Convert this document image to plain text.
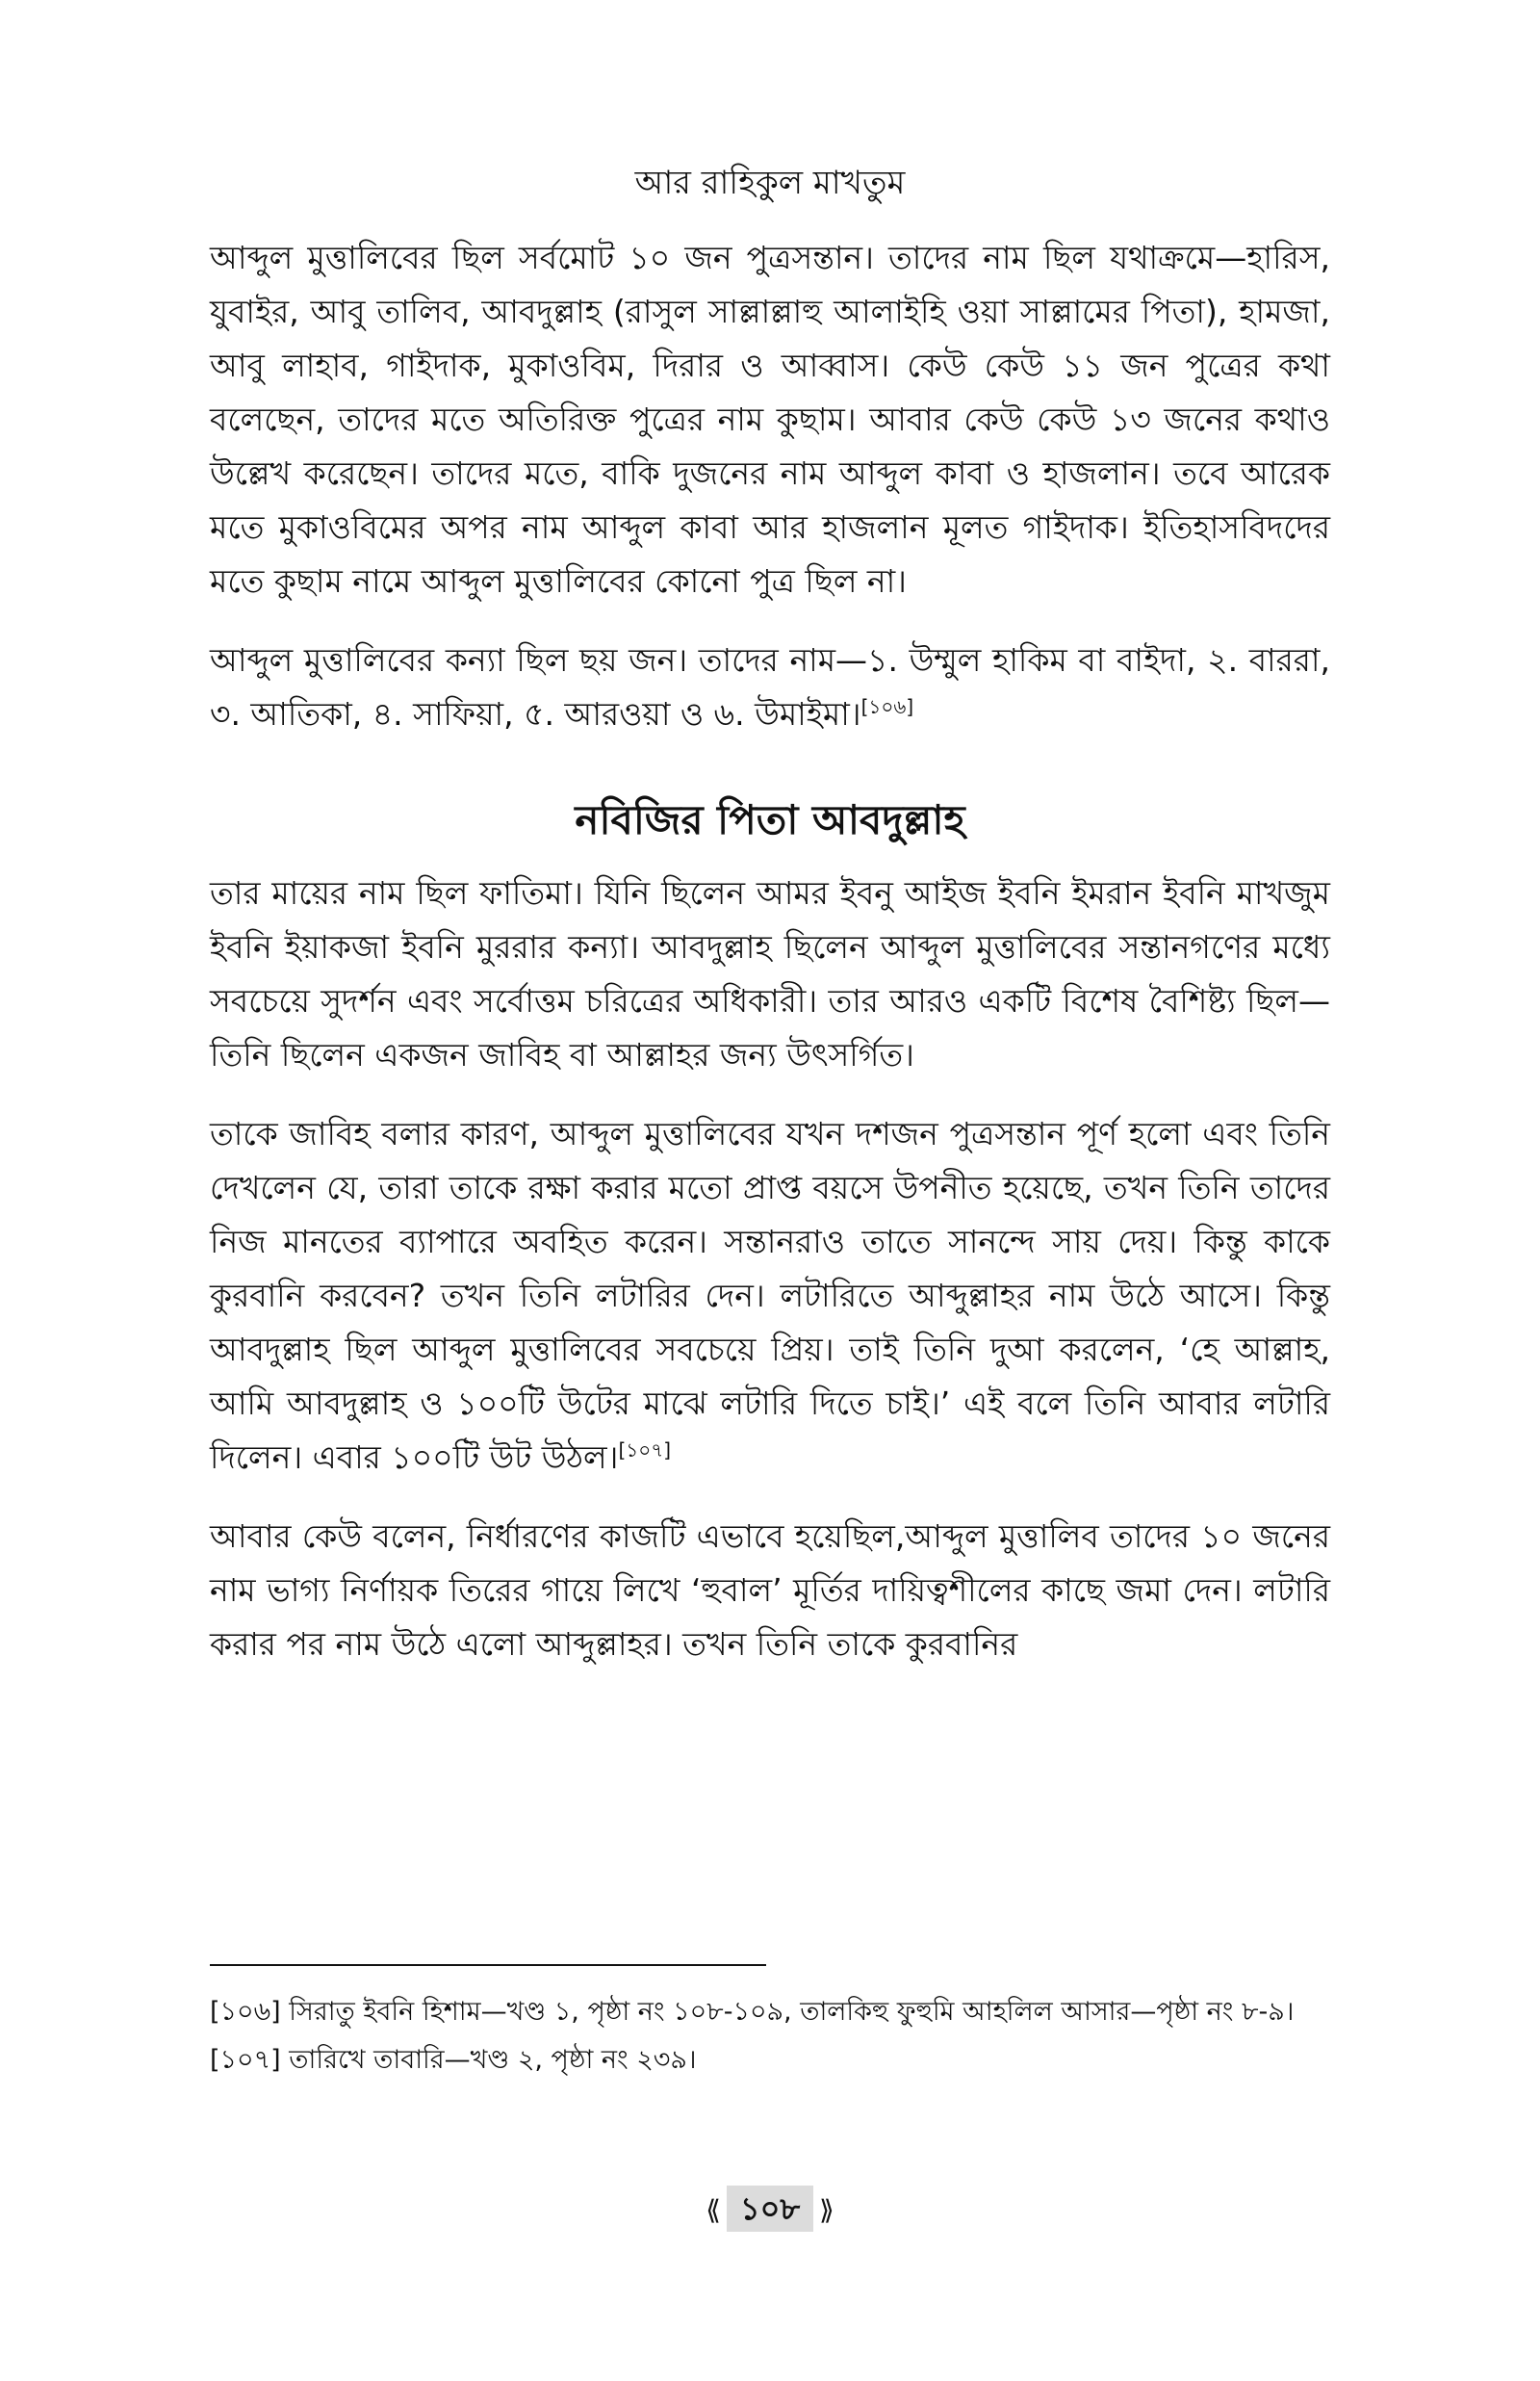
আর রাহিকুল মাখতুম

আব্দুল মুত্তালিবের ছিল সর্বমোট ১০ জন পুত্রসন্তান। তাদের নাম ছিল যথাক্রমে—হারিস, যুবাইর, আবু তালিব, আবদুল্লাহ (রাসুল সাল্লাল্লাহু আলাইহি ওয়া সাল্লামের পিতা), হামজা, আবু লাহাব, গাইদাক, মুকাওবিম, দিরার ও আব্বাস। কেউ কেউ ১১ জন পুত্রের কথা বলেছেন, তাদের মতে অতিরিক্ত পুত্রের নাম কুছাম। আবার কেউ কেউ ১৩ জনের কথাও উল্লেখ করেছেন। তাদের মতে, বাকি দুজনের নাম আব্দুল কাবা ও হাজলান। তবে আরেক মতে মুকাওবিমের অপর নাম আব্দুল কাবা আর হাজলান মূলত গাইদাক। ইতিহাসবিদদের মতে কুছাম নামে আব্দুল মুত্তালিবের কোনো পুত্র ছিল না।

আব্দুল মুত্তালিবের কন্যা ছিল ছয় জন। তাদের নাম—১. উম্মুল হাকিম বা বাইদা, ২. বাররা, ৩. আতিকা, ৪. সাফিয়া, ৫. আরওয়া ও ৬. উমাইমা।[১০৬]

নবিজির পিতা আবদুল্লাহ

তার মায়ের নাম ছিল ফাতিমা। যিনি ছিলেন আমর ইবনু আইজ ইবনি ইমরান ইবনি মাখজুম ইবনি ইয়াকজা ইবনি মুররার কন্যা। আবদুল্লাহ ছিলেন আব্দুল মুত্তালিবের সন্তানগণের মধ্যে সবচেয়ে সুদর্শন এবং সর্বোত্তম চরিত্রের অধিকারী। তার আরও একটি বিশেষ বৈশিষ্ট্য ছিল—তিনি ছিলেন একজন জাবিহ বা আল্লাহর জন্য উৎসর্গিত।

তাকে জাবিহ বলার কারণ, আব্দুল মুত্তালিবের যখন দশজন পুত্রসন্তান পূর্ণ হলো এবং তিনি দেখলেন যে, তারা তাকে রক্ষা করার মতো প্রাপ্ত বয়সে উপনীত হয়েছে, তখন তিনি তাদের নিজ মানতের ব্যাপারে অবহিত করেন। সন্তানরাও তাতে সানন্দে সায় দেয়। কিন্তু কাকে কুরবানি করবেন? তখন তিনি লটারির দেন। লটারিতে আব্দুল্লাহর নাম উঠে আসে। কিন্তু আবদুল্লাহ ছিল আব্দুল মুত্তালিবের সবচেয়ে প্রিয়। তাই তিনি দুআ করলেন, ‘হে আল্লাহ, আমি আবদুল্লাহ ও ১০০টি উটের মাঝে লটারি দিতে চাই।’ এই বলে তিনি আবার লটারি দিলেন। এবার ১০০টি উট উঠল।[১০৭]

আবার কেউ বলেন, নির্ধারণের কাজটি এভাবে হয়েছিল,আব্দুল মুত্তালিব তাদের ১০ জনের নাম ভাগ্য নির্ণায়ক তিরের গায়ে লিখে ‘হুবাল’ মূর্তির দায়িত্বশীলের কাছে জমা দেন। লটারি করার পর নাম উঠে এলো আব্দুল্লাহর। তখন তিনি তাকে কুরবানির

[১০৬] সিরাতু ইবনি হিশাম—খণ্ড ১, পৃষ্ঠা নং ১০৮-১০৯, তালকিহু ফুহুমি আহলিল আসার—পৃষ্ঠা নং ৮-৯।

[১০৭] তারিখে তাবারি—খণ্ড ২, পৃষ্ঠা নং ২৩৯।

⟪ ১০৮ ⟫
